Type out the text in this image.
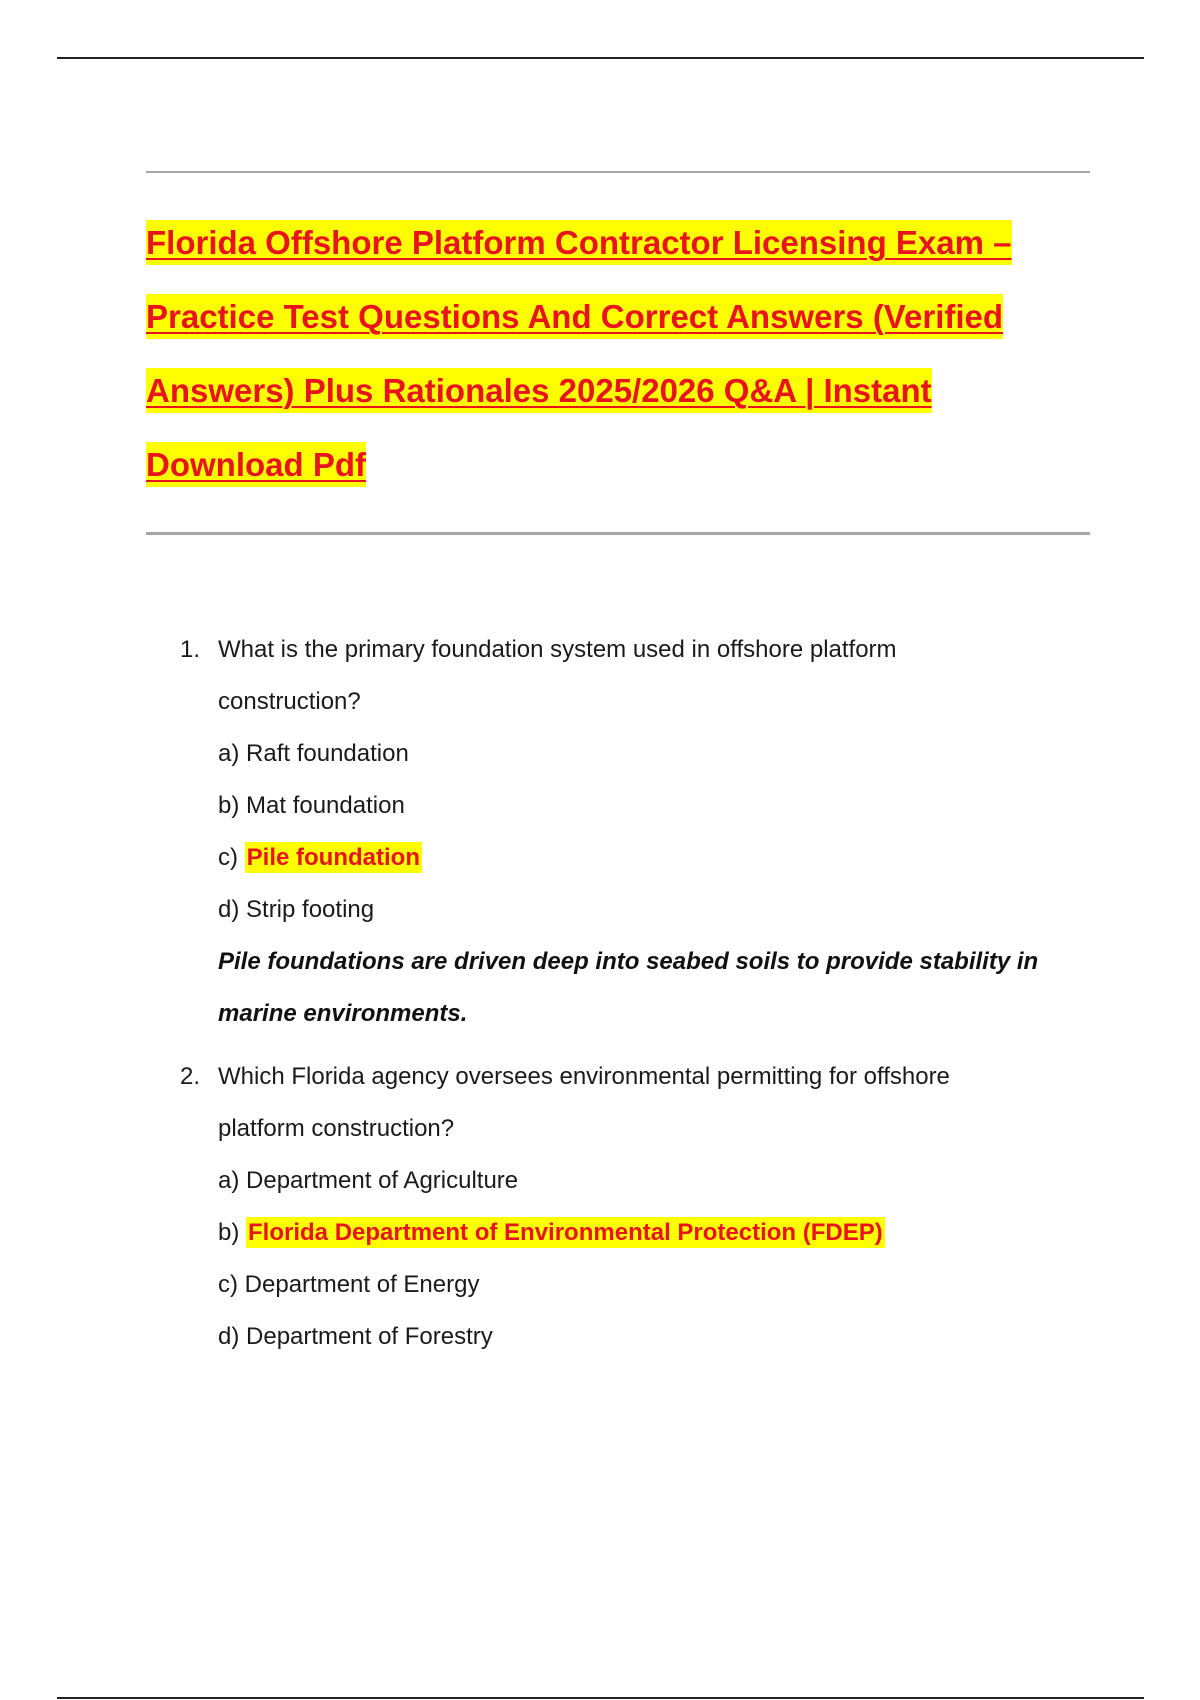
Florida Offshore Platform Contractor Licensing Exam –
Practice Test Questions And Correct Answers (Verified
Answers) Plus Rationales 2025/2026 Q&A | Instant
Download Pdf
1. What is the primary foundation system used in offshore platform
construction?
a) Raft foundation
b) Mat foundation
c) Pile foundation
d) Strip footing
Pile foundations are driven deep into seabed soils to provide stability in
marine environments.
2. Which Florida agency oversees environmental permitting for offshore
platform construction?
a) Department of Agriculture
b) Florida Department of Environmental Protection (FDEP)
c) Department of Energy
d) Department of Forestry
